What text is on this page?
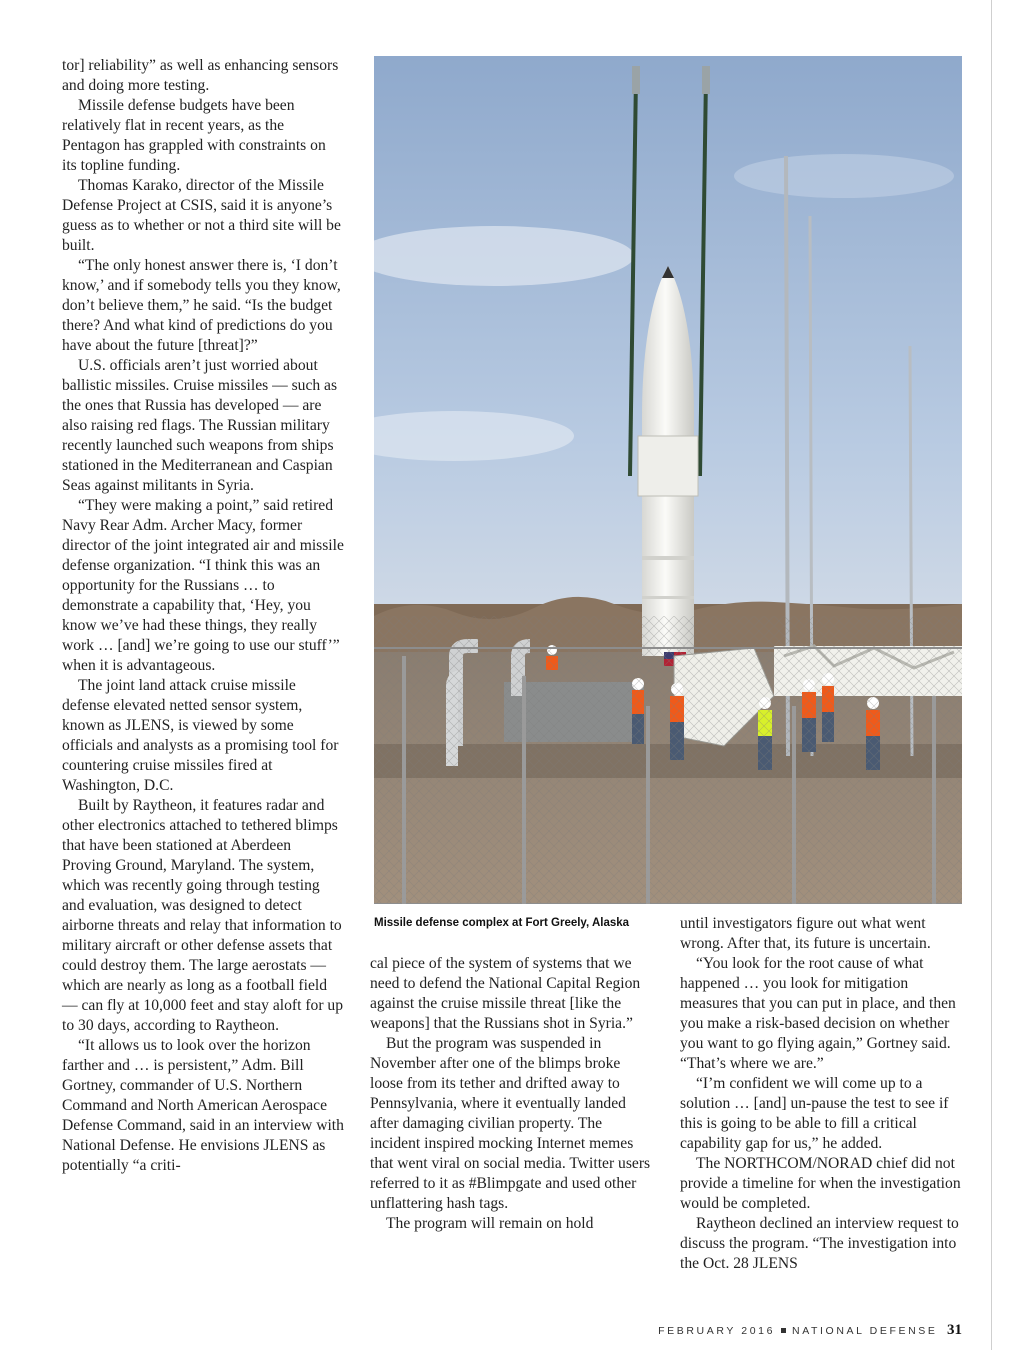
tor] reliability” as well as enhancing sensors and doing more testing.

Missile defense budgets have been relatively flat in recent years, as the Pentagon has grappled with constraints on its topline funding.

Thomas Karako, director of the Missile Defense Project at CSIS, said it is anyone’s guess as to whether or not a third site will be built.

“The only honest answer there is, ‘I don’t know,’ and if somebody tells you they know, don’t believe them,” he said. “Is the budget there? And what kind of predictions do you have about the future [threat]?”

U.S. officials aren’t just worried about ballistic missiles. Cruise missiles — such as the ones that Russia has developed — are also raising red flags. The Russian military recently launched such weapons from ships stationed in the Mediterranean and Caspian Seas against militants in Syria.

“They were making a point,” said retired Navy Rear Adm. Archer Macy, former director of the joint integrated air and missile defense organization. “I think this was an opportunity for the Russians … to demonstrate a capability that, ‘Hey, you know we’ve had these things, they really work … [and] we’re going to use our stuff’” when it is advantageous.

The joint land attack cruise missile defense elevated netted sensor system, known as JLENS, is viewed by some officials and analysts as a promising tool for countering cruise missiles fired at Washington, D.C.

Built by Raytheon, it features radar and other electronics attached to tethered blimps that have been stationed at Aberdeen Proving Ground, Maryland. The system, which was recently going through testing and evaluation, was designed to detect airborne threats and relay that information to military aircraft or other defense assets that could destroy them. The large aerostats — which are nearly as long as a football field — can fly at 10,000 feet and stay aloft for up to 30 days, according to Raytheon.

“It allows us to look over the horizon farther and … is persistent,” Adm. Bill Gortney, commander of U.S. Northern Command and North American Aerospace Defense Command, said in an interview with National Defense. He envisions JLENS as potentially “a criti-

Missile defense complex at Fort Greely, Alaska

cal piece of the system of systems that we need to defend the National Capital Region against the cruise missile threat [like the weapons] that the Russians shot in Syria.”

But the program was suspended in November after one of the blimps broke loose from its tether and drifted away to Pennsylvania, where it eventually landed after damaging civilian property. The incident inspired mocking Internet memes that went viral on social media. Twitter users referred to it as #Blimpgate and used other unflattering hash tags.

The program will remain on hold

until investigators figure out what went wrong. After that, its future is uncertain.

“You look for the root cause of what happened … you look for mitigation measures that you can put in place, and then you make a risk-based decision on whether you want to go flying again,” Gortney said. “That’s where we are.”

“I’m confident we will come up to a solution … [and] un-pause the test to see if this is going to be able to fill a critical capability gap for us,” he added.

The NORTHCOM/NORAD chief did not provide a timeline for when the investigation would be completed.

Raytheon declined an interview request to discuss the program. “The investigation into the Oct. 28 JLENS

FEBRUARY 2016 NATIONAL DEFENSE 31
